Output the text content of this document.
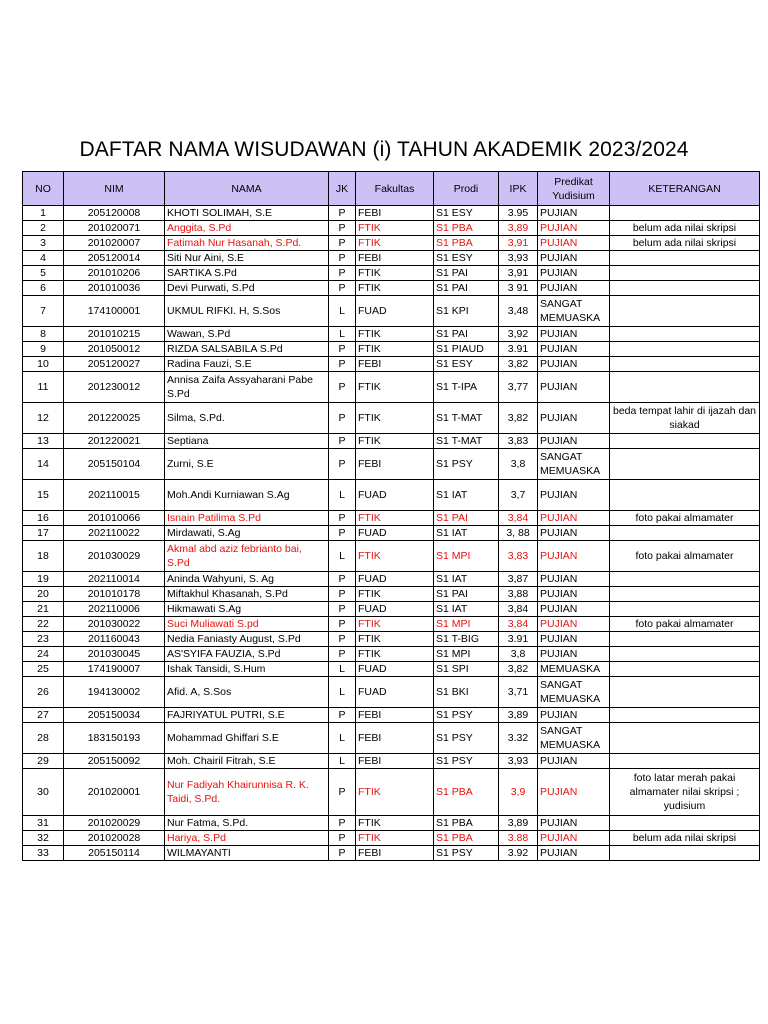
DAFTAR NAMA WISUDAWAN (i) TAHUN AKADEMIK 2023/2024
NO	NIM	NAMA	JK	Fakultas	Prodi	IPK	Predikat Yudisium	KETERANGAN
1	205120008	KHOTI SOLIMAH, S.E	P	FEBI	S1 ESY	3.95	PUJIAN	
2	201020071	Anggita, S.Pd	P	FTIK	S1 PBA	3,89	PUJIAN	belum ada nilai skripsi
3	201020007	Fatimah Nur Hasanah, S.Pd.	P	FTIK	S1 PBA	3,91	PUJIAN	belum ada nilai skripsi
4	205120014	Siti Nur Aini, S.E	P	FEBI	S1 ESY	3,93	PUJIAN	
5	201010206	SARTIKA S.Pd	P	FTIK	S1 PAI	3,91	PUJIAN	
6	201010036	Devi Purwati, S.Pd	P	FTIK	S1 PAI	3 91	PUJIAN	
7	174100001	UKMUL RIFKI. H, S.Sos	L	FUAD	S1 KPI	3,48	SANGAT MEMUASKA	
8	201010215	Wawan, S.Pd	L	FTIK	S1 PAI	3,92	PUJIAN	
9	201050012	RIZDA SALSABILA S.Pd	P	FTIK	S1 PIAUD	3.91	PUJIAN	
10	205120027	Radina Fauzi, S.E	P	FEBI	S1 ESY	3,82	PUJIAN	
11	201230012	Annisa Zaifa Assyaharani Pabe S.Pd	P	FTIK	S1 T-IPA	3,77	PUJIAN	
12	201220025	Silma, S.Pd.	P	FTIK	S1 T-MAT	3,82	PUJIAN	beda tempat lahir di ijazah dan siakad
13	201220021	Septiana	P	FTIK	S1 T-MAT	3,83	PUJIAN	
14	205150104	Zurni, S.E	P	FEBI	S1 PSY	3,8	SANGAT MEMUASKA	
15	202110015	Moh.Andi Kurniawan S.Ag	L	FUAD	S1 IAT	3,7	PUJIAN	
16	201010066	Isnain Patilima S.Pd	P	FTIK	S1 PAI	3,84	PUJIAN	foto pakai almamater
17	202110022	Mirdawati, S.Ag	P	FUAD	S1 IAT	3, 88	PUJIAN	
18	201030029	Akmal abd aziz febrianto bai, S.Pd	L	FTIK	S1 MPI	3,83	PUJIAN	foto pakai almamater
19	202110014	Aninda Wahyuni, S. Ag	P	FUAD	S1 IAT	3,87	PUJIAN	
20	201010178	Miftakhul Khasanah, S.Pd	P	FTIK	S1 PAI	3,88	PUJIAN	
21	202110006	Hikmawati S.Ag	P	FUAD	S1 IAT	3,84	PUJIAN	
22	201030022	Suci Muliawati S.pd	P	FTIK	S1 MPI	3,84	PUJIAN	foto pakai almamater
23	201160043	Nedia Faniasty August, S.Pd	P	FTIK	S1 T-BIG	3.91	PUJIAN	
24	201030045	AS'SYIFA FAUZIA, S.Pd	P	FTIK	S1 MPI	3,8	PUJIAN	
25	174190007	Ishak Tansidi, S.Hum	L	FUAD	S1 SPI	3,82	MEMUASKA	
26	194130002	Afid. A, S.Sos	L	FUAD	S1 BKI	3,71	SANGAT MEMUASKA	
27	205150034	FAJRIYATUL PUTRI, S.E	P	FEBI	S1 PSY	3,89	PUJIAN	
28	183150193	Mohammad Ghiffari S.E	L	FEBI	S1 PSY	3.32	SANGAT MEMUASKA	
29	205150092	Moh. Chairil Fitrah, S.E	L	FEBI	S1 PSY	3,93	PUJIAN	
30	201020001	Nur Fadiyah Khairunnisa R. K. Taidi, S.Pd.	P	FTIK	S1 PBA	3,9	PUJIAN	foto latar merah pakai almamater nilai skripsi ; yudisium
31	201020029	Nur Fatma, S.Pd.	P	FTIK	S1 PBA	3,89	PUJIAN	
32	201020028	Hariya, S.Pd	P	FTIK	S1 PBA	3.88	PUJIAN	belum ada nilai skripsi
33	205150114	WILMAYANTI	P	FEBI	S1 PSY	3.92	PUJIAN	
